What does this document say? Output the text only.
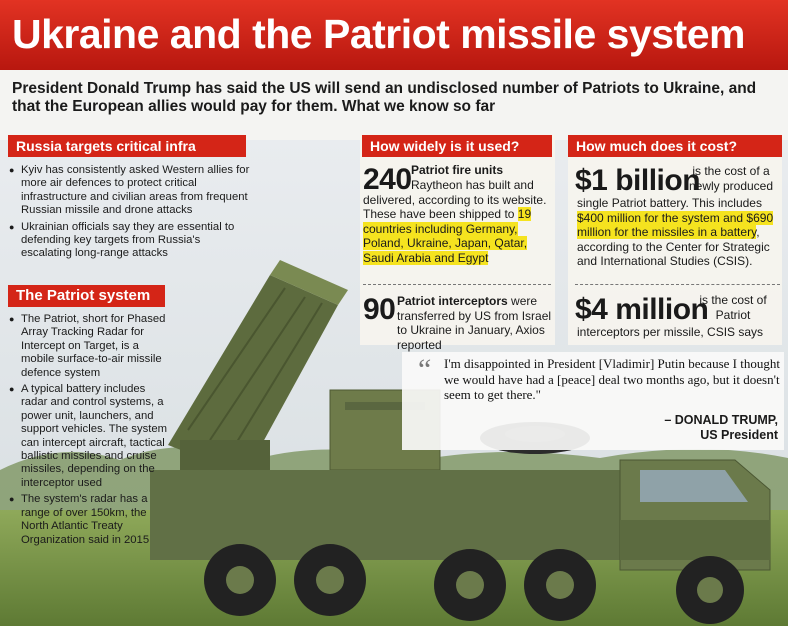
Ukraine and the Patriot missile system
President Donald Trump has said the US will send an undisclosed number of Patriots to Ukraine, and that the European allies would pay for them. What we know so far
Russia targets critical infra
● Kyiv has consistently asked Western allies for more air defences to protect critical infrastructure and civilian areas from frequent Russian missile and drone attacks
● Ukrainian officials say they are essential to defending key targets from Russia's escalating long-range attacks
The Patriot system
● The Patriot, short for Phased Array Tracking Radar for Intercept on Target, is a mobile surface-to-air missile defence system
● A typical battery includes radar and control systems, a power unit, launchers, and support vehicles. The system can intercept aircraft, tactical ballistic missiles and cruise missiles, depending on the interceptor used
● The system's radar has a range of over 150km, the North Atlantic Treaty Organization said in 2015
How widely is it used?
240 Patriot fire units
Raytheon has built and delivered, according to its website. These have been shipped to 19 countries including Germany, Poland, Ukraine, Japan, Qatar, Saudi Arabia and Egypt
90 Patriot interceptors were transferred by US from Israel to Ukraine in January, Axios reported
How much does it cost?
$1 billion
is the cost of a newly produced
single Patriot battery. This includes $400 million for the system and $690 million for the missiles in a battery, according to the Center for Strategic and International Studies (CSIS).
$4 million
is the cost of Patriot
interceptors per missile, CSIS says
“ I'm disappointed in President [Vladimir] Putin because I thought we would have had a [peace] deal two months ago, but it doesn't seem to get there."
– DONALD TRUMP,
US President
